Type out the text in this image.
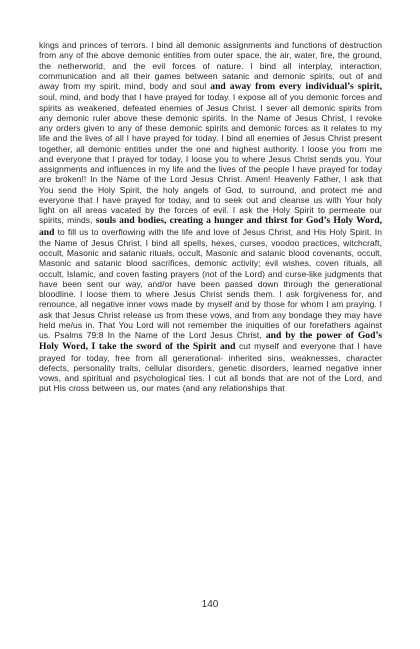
kings and princes of terrors. I bind all demonic assignments and functions of destruction from any of the above demonic entities from outer space, the air, water, fire, the ground, the netherworld, and the evil forces of nature. I bind all interplay, interaction, communication and all their games between satanic and demonic spirits, out of and away from my spirit, mind, body and soul and away from every individual’s spirit, soul, mind, and body that I have prayed for today. I expose all of you demonic forces and spirits as weakened, defeated enemies of Jesus Christ. I sever all demonic spirits from any demonic ruler above these demonic spirits. In the Name of Jesus Christ, I revoke any orders given to any of these demonic spirits and demonic forces as it relates to my life and the lives of all I have prayed for today. I bind all enemies of Jesus Christ present together, all demonic entities under the one and highest authority. I loose you from me and everyone that I prayed for today, I loose you to where Jesus Christ sends you. Your assignments and influences in my life and the lives of the people I have prayed for today are broken!! In the Name of the Lord Jesus Christ. Amen! Heavenly Father, I ask that You send the Holy Spirit, the holy angels of God, to surround, and protect me and everyone that I have prayed for today, and to seek out and cleanse us with Your holy light on all areas vacated by the forces of evil. I ask the Holy Spirit to permeate our spirits, minds, souls and bodies, creating a hunger and thirst for God’s Holy Word, and to fill us to overflowing with the life and love of Jesus Christ, and His Holy Spirit. In the Name of Jesus Christ, I bind all spells, hexes, curses, voodoo practices, witchcraft, occult, Masonic and satanic rituals, occult, Masonic and satanic blood covenants, occult, Masonic and satanic blood sacrifices, demonic activity; evil wishes, coven rituals, all occult, Islamic, and coven fasting prayers (not of the Lord) and curse-like judgments that have been sent our way, and/or have been passed down through the generational bloodline. I loose them to where Jesus Christ sends them. I ask forgiveness for, and renounce, all negative inner vows made by myself and by those for whom I am praying. I ask that Jesus Christ release us from these vows, and from any bondage they may have held me/us in. That You Lord will not remember the iniquities of our forefathers against us. Psalms 79:8 In the Name of the Lord Jesus Christ, and by the power of God’s Holy Word, I take the sword of the Spirit and cut myself and everyone that I have prayed for today, free from all generational- inherited sins, weaknesses, character defects, personality traits, cellular disorders, genetic disorders, learned negative inner vows, and spiritual and psychological ties. I cut all bonds that are not of the Lord, and put His cross between us, our mates (and any relationships that

140
